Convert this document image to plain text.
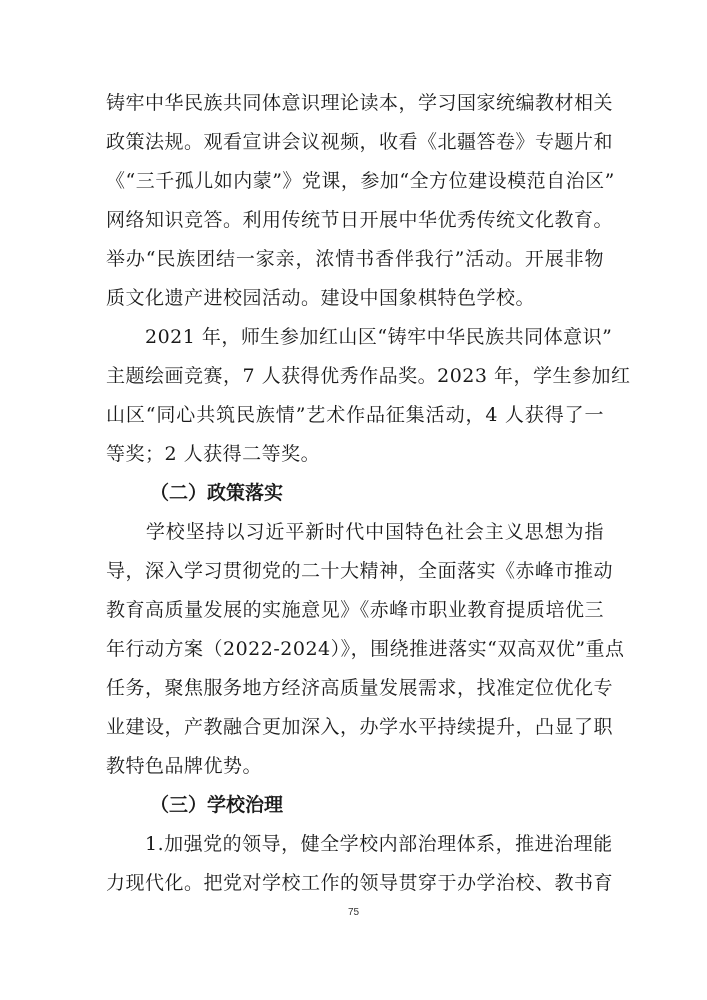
铸牢中华民族共同体意识理论读本，学习国家统编教材相关
政策法规。观看宣讲会议视频，收看《北疆答卷》专题片和
《“三千孤儿如内蒙”》党课，参加“全方位建设模范自治区”
网络知识竞答。利用传统节日开展中华优秀传统文化教育。
举办“民族团结一家亲，浓情书香伴我行”活动。开展非物
质文化遗产进校园活动。建设中国象棋特色学校。
　　2021 年，师生参加红山区“铸牢中华民族共同体意识”
主题绘画竞赛，7 人获得优秀作品奖。2023 年，学生参加红
山区“同心共筑民族情”艺术作品征集活动，4 人获得了一
等奖；2 人获得二等奖。
（二）政策落实
　　学校坚持以习近平新时代中国特色社会主义思想为指
导，深入学习贯彻党的二十大精神，全面落实《赤峰市推动
教育高质量发展的实施意见》《赤峰市职业教育提质培优三
年行动方案（2022-2024）》，围绕推进落实“双高双优”重点
任务，聚焦服务地方经济高质量发展需求，找准定位优化专
业建设，产教融合更加深入，办学水平持续提升，凸显了职
教特色品牌优势。
（三）学校治理
　　1.加强党的领导，健全学校内部治理体系，推进治理能
力现代化。把党对学校工作的领导贯穿于办学治校、教书育
75
